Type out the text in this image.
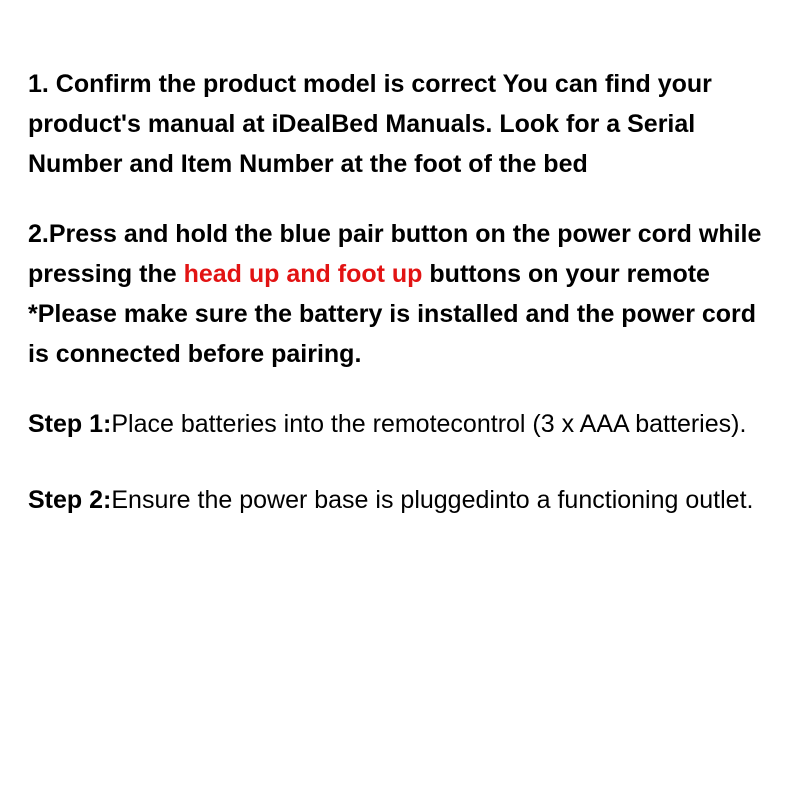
1. Confirm the product model is correct You can find your product's manual at iDealBed Manuals. Look for a Serial Number and Item Number at the foot of the bed

2.Press and hold the blue pair button on the power cord while pressing the head up and foot up buttons on your remote

*Please make sure the battery is installed and the power cord is connected before pairing.

Step 1:Place batteries into the remotecontrol (3 x AAA batteries).

Step 2:Ensure the power base is pluggedinto a functioning outlet.
